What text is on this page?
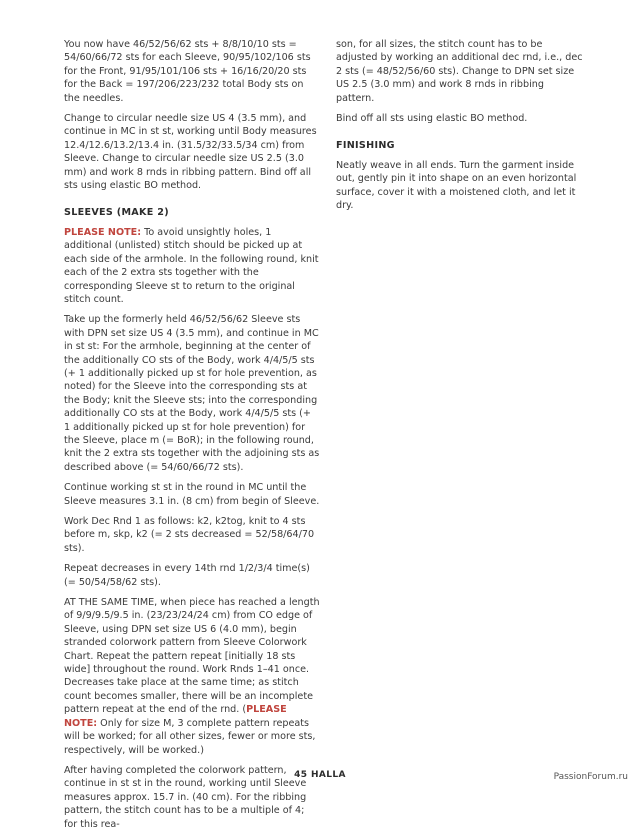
You now have 46/52/56/62 sts + 8/8/10/10 sts = 54/60/66/72 sts for each Sleeve, 90/95/102/106 sts for the Front, 91/95/101/106 sts + 16/16/20/20 sts for the Back = 197/206/223/232 total Body sts on the needles.

Change to circular needle size US 4 (3.5 mm), and continue in MC in st st, working until Body measures 12.4/12.6/13.2/13.4 in. (31.5/32/33.5/34 cm) from Sleeve. Change to circular needle size US 2.5 (3.0 mm) and work 8 rnds in ribbing pattern. Bind off all sts using elastic BO method.

SLEEVES (MAKE 2)

PLEASE NOTE: To avoid unsightly holes, 1 additional (unlisted) stitch should be picked up at each side of the armhole. In the following round, knit each of the 2 extra sts together with the corresponding Sleeve st to return to the original stitch count.

Take up the formerly held 46/52/56/62 Sleeve sts with DPN set size US 4 (3.5 mm), and continue in MC in st st: For the armhole, beginning at the center of the additionally CO sts of the Body, work 4/4/5/5 sts (+ 1 additionally picked up st for hole prevention, as noted) for the Sleeve into the corresponding sts at the Body; knit the Sleeve sts; into the corresponding additionally CO sts at the Body, work 4/4/5/5 sts (+ 1 additionally picked up st for hole prevention) for the Sleeve, place m (= BoR); in the following round, knit the 2 extra sts together with the adjoining sts as described above (= 54/60/66/72 sts).

Continue working st st in the round in MC until the Sleeve measures 3.1 in. (8 cm) from begin of Sleeve.

Work Dec Rnd 1 as follows: k2, k2tog, knit to 4 sts before m, skp, k2 (= 2 sts decreased = 52/58/64/70 sts).

Repeat decreases in every 14th rnd 1/2/3/4 time(s) (= 50/54/58/62 sts).

AT THE SAME TIME, when piece has reached a length of 9/9/9.5/9.5 in. (23/23/24/24 cm) from CO edge of Sleeve, using DPN set size US 6 (4.0 mm), begin stranded colorwork pattern from Sleeve Colorwork Chart. Repeat the pattern repeat [initially 18 sts wide] throughout the round. Work Rnds 1–41 once. Decreases take place at the same time; as stitch count becomes smaller, there will be an incomplete pattern repeat at the end of the rnd. (PLEASE NOTE: Only for size M, 3 complete pattern repeats will be worked; for all other sizes, fewer or more sts, respectively, will be worked.)

After having completed the colorwork pattern, continue in st st in the round, working until Sleeve measures approx. 15.7 in. (40 cm). For the ribbing pattern, the stitch count has to be a multiple of 4; for this rea-

son, for all sizes, the stitch count has to be adjusted by working an additional dec rnd, i.e., dec 2 sts (= 48/52/56/60 sts). Change to DPN set size US 2.5 (3.0 mm) and work 8 rnds in ribbing pattern.

Bind off all sts using elastic BO method.

FINISHING

Neatly weave in all ends. Turn the garment inside out, gently pin it into shape on an even horizontal surface, cover it with a moistened cloth, and let it dry.

45 HALLA	PassionForum.ru
